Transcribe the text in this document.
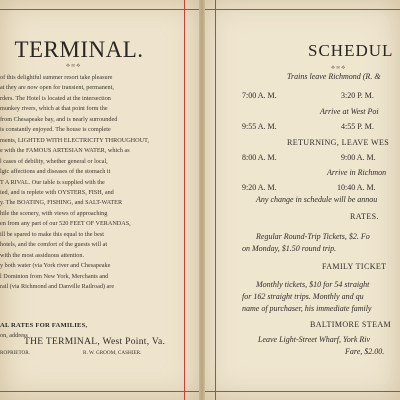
TERMINAL.
⟡∞⟡
of this delightful summer resort take pleasure
at they are now open for transient, permanent,
rders. The Hotel is located at the intersection
munkey rivers, which at that point form the
from Chesapeake bay, and is nearly surrounded
is constantly enjoyed. The house is complete
ments, LIGHTED WITH ELECTRICITY THROUGHOUT,
e with the FAMOUS ARTESIAN WATER, which as
l cases of debility, whether general or local,
lgic affections and diseases of the stomach it
T A RIVAL. Our table is supplied with the
ied, and is replete with OYSTERS, FISH, and
y. The BOATING, FISHING, and SALT-WATER
hile the scenery, with views of approaching
en from any part of our 520 FEET OF VERANDAS,
ill be spared to make this equal to the best
hotels, and the comfort of the guests will at
with the most assiduous attention.
y both water (via York river and Chesapeake
l Dominion from New York, Merchants and
rail (via Richmond and Danville Railroad) are
AL RATES FOR FAMILIES,
on, address
THE TERMINAL, West Point, Va.
ROPRIETOR.	R. W. GROOM, CASHIER.
SCHEDUL
⟡∞⟡
Trains leave Richmond (R. &
7:00 A. M.	3:20 P. M.
Arrive at West Poi
9:55 A. M.	4:55 P. M.
RETURNING, LEAVE WES
8:00 A. M.	9:00 A. M.
Arrive in Richmon
9:20 A. M.	10:40 A. M.
Any change in schedule will be annou
RATES.
Regular Round-Trip Tickets, $2. Fo
on Monday, $1.50 round trip.
FAMILY TICKET
Monthly tickets, $10 for 54 straight
for 162 straight trips. Monthly and qu
name of purchaser, his immediate family
BALTIMORE STEAM
Leave Light-Street Wharf, York Riv
Fare, $2.00.
